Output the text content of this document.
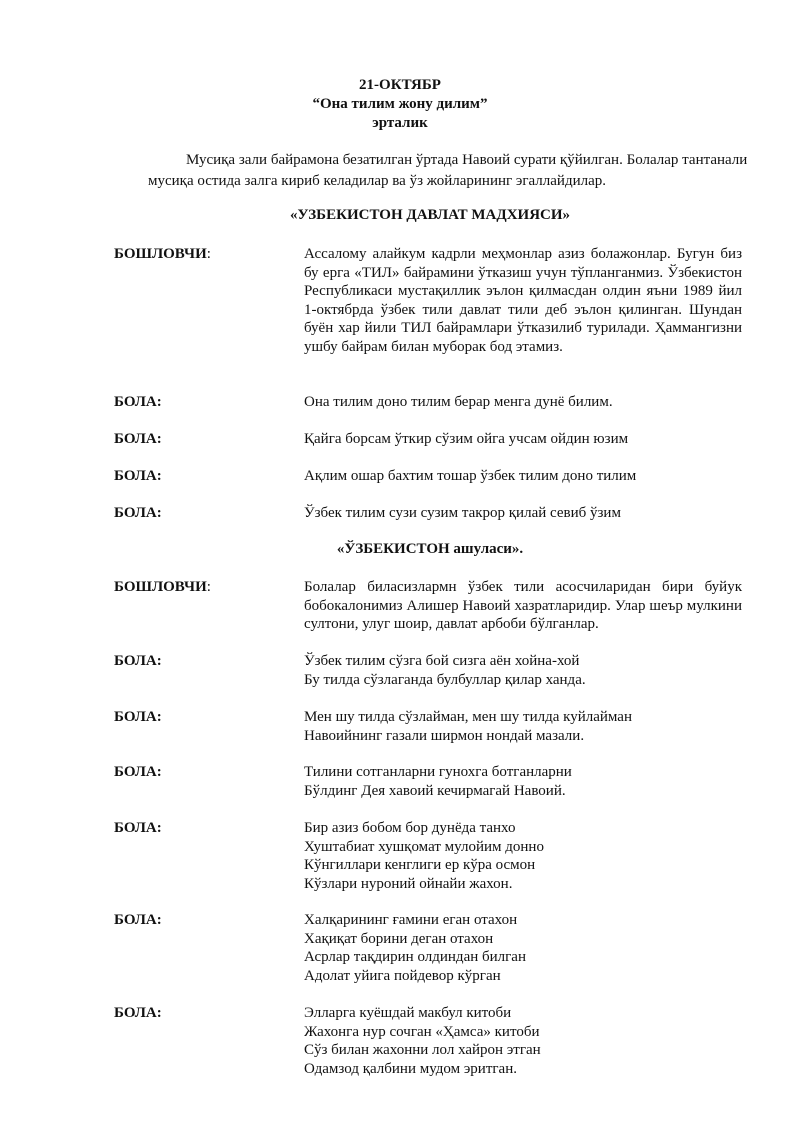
21-ОКТЯБР
“Она тилим жону дилим”
эрталик
Мусиқа зали байрамона безатилган ўртада Навоий сурати қўйилган. Болалар тантанали мусиқа остида залга кириб келадилар ва ўз жойларининг эгаллайдилар.
«УЗБЕКИСТОН ДАВЛАТ МАДХИЯСИ»
БОШЛОВЧИ:	Ассалому алайкум кадрли меҳмонлар азиз болажонлар. Бугун биз бу ерга «ТИЛ» байрамини ўтказиш учун тўпланганмиз. Ўзбекистон Республикаси мустақиллик эълон қилмасдан олдин яъни 1989 йил 1-октябрда ўзбек тили давлат тили деб эълон қилинган. Шундан буён хар йили ТИЛ байрамлари ўтказилиб турилади. Ҳаммангизни ушбу байрам билан муборак бод этамиз.
БОЛА:	Она тилим доно тилим берар менга дунё билим.
БОЛА:	Қайга борсам ўткир сўзим ойга учсам ойдин юзим
БОЛА:	Ақлим ошар бахтим тошар ўзбек тилим доно тилим
БОЛА:	Ўзбек тилим сузи сузим такрор қилай севиб ўзим
«ЎЗБЕКИСТОН ашуласи».
БОШЛОВЧИ:	Болалар биласизлармн ўзбек тили асосчиларидан бири буйук бобокалонимиз Алишер Навоий хазратларидир. Улар шеър мулкини султони, улуг шоир, давлат арбоби бўлганлар.
БОЛА:	Ўзбек тилим сўзга бой сизга аён хойна-хой
Бу тилда сўзлаганда булбуллар қилар ханда.
БОЛА:	Мен шу тилда сўзлайман, мен шу тилда куйлайман
Навоийнинг газали ширмон нондай мазали.
БОЛА:	Тилини сотганларни гунохга ботганларни
Бўлдинг Дея хавоий кечирмагай Навоий.
БОЛА:	Бир азиз бобом бор дунёда танхо
Хуштабиат хушқомат мулойим донно
Кўнгиллари кенглиги ер кўра осмон
Кўзлари нуроний ойнайи жахон.
БОЛА:	Халқарининг ғамини еган отахон
Хақиқат борини деган отахон
Асрлар тақдирин олдиндан билган
Адолат уйига пойдевор кўрган
БОЛА:	Элларга куёшдай макбул китоби
Жахонга нур сочган «Ҳамса» китоби
Сўз билан жахонни лол хайрон этган
Одамзод қалбини мудом эритган.
